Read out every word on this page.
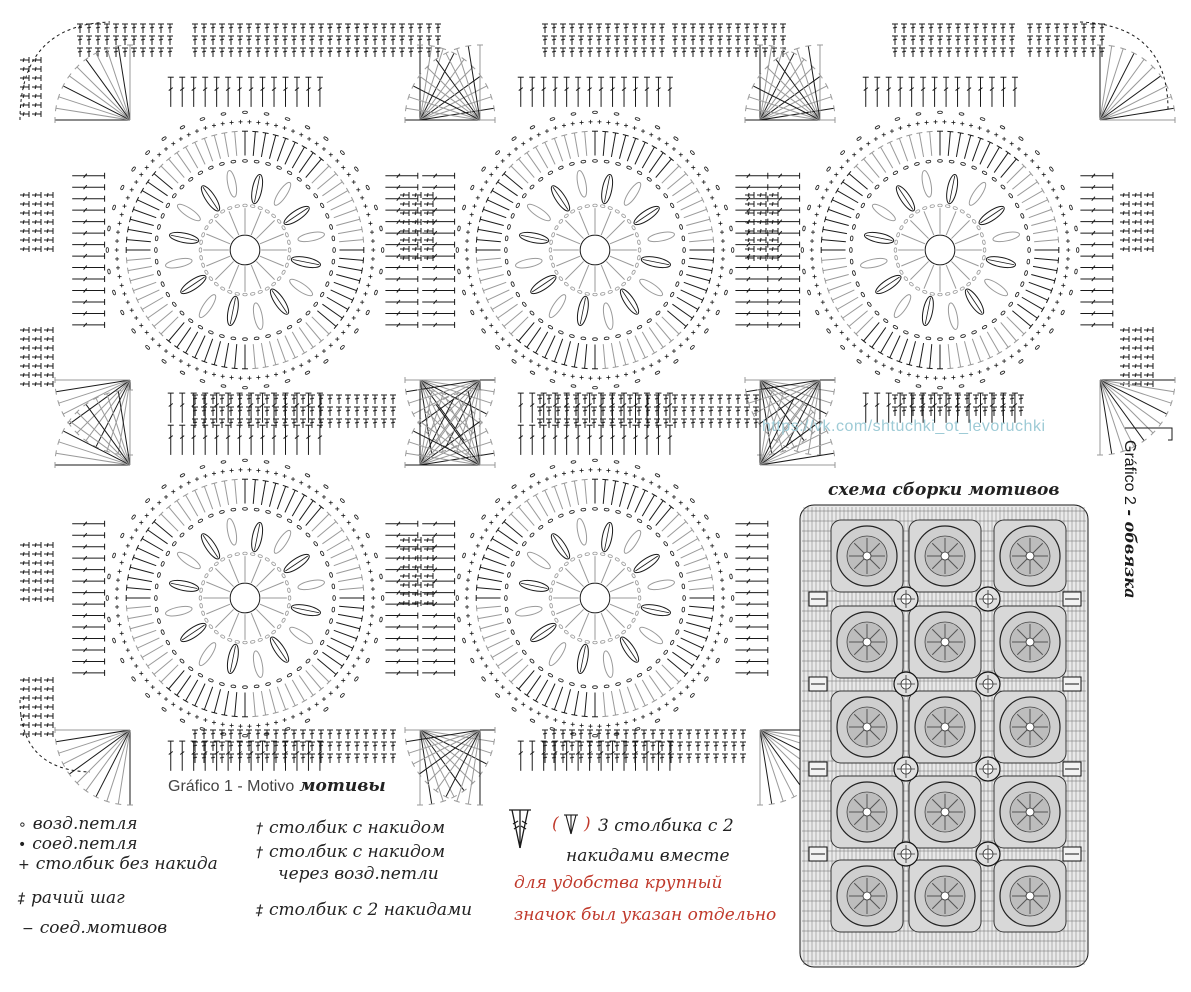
https://vk.com/shtuchki_ot_levoruchki
Gráfico 2 - обвязка
Gráfico 1 - Motivo мотивы
схема сборки мотивов
∘ возд.петля
• соед.петля
+ столбик без накида
‡ рачий шаг
− соед.мотивов
† столбик с накидом
† столбик с накидом
через возд.петли
‡ столбик с 2 накидами
( ) 3 столбика с 2
накидами вместе
для удобства крупный
значок был указан отдельно
